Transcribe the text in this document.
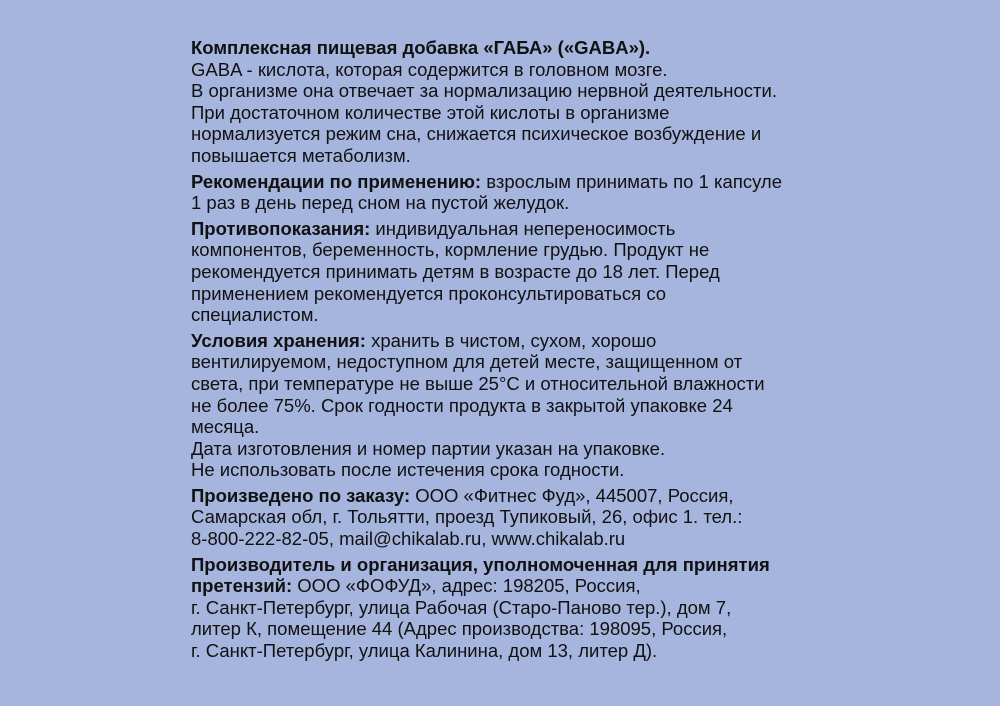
Комплексная пищевая добавка «ГАБА» («GABA»).
GABA - кислота, которая содержится в головном мозге.
В организме она отвечает за нормализацию нервной деятельности.
При достаточном количестве этой кислоты в организме
нормализуется режим сна, снижается психическое возбуждение и
повышается метаболизм.
Рекомендации по применению: взрослым принимать по 1 капсуле
1 раз в день перед сном на пустой желудок.
Противопоказания: индивидуальная непереносимость
компонентов, беременность, кормление грудью. Продукт не
рекомендуется принимать детям в возрасте до 18 лет. Перед
применением рекомендуется проконсультироваться со
специалистом.
Условия хранения: хранить в чистом, сухом, хорошо
вентилируемом, недоступном для детей месте, защищенном от
света, при температуре не выше 25°С и относительной влажности
не более 75%. Срок годности продукта в закрытой упаковке 24
месяца.
Дата изготовления и номер партии указан на упаковке.
Не использовать после истечения срока годности.
Произведено по заказу: ООО «Фитнес Фуд», 445007, Россия,
Самарская обл, г. Тольятти, проезд Тупиковый, 26, офис 1. тел.:
8-800-222-82-05, mail@chikalab.ru, www.chikalab.ru
Производитель и организация, уполномоченная для принятия
претензий: ООО «ФОФУД», адрес: 198205, Россия,
г. Санкт-Петербург, улица Рабочая (Старо-Паново тер.), дом 7,
литер К, помещение 44 (Адрес производства: 198095, Россия,
г. Санкт-Петербург, улица Калинина, дом 13, литер Д).
